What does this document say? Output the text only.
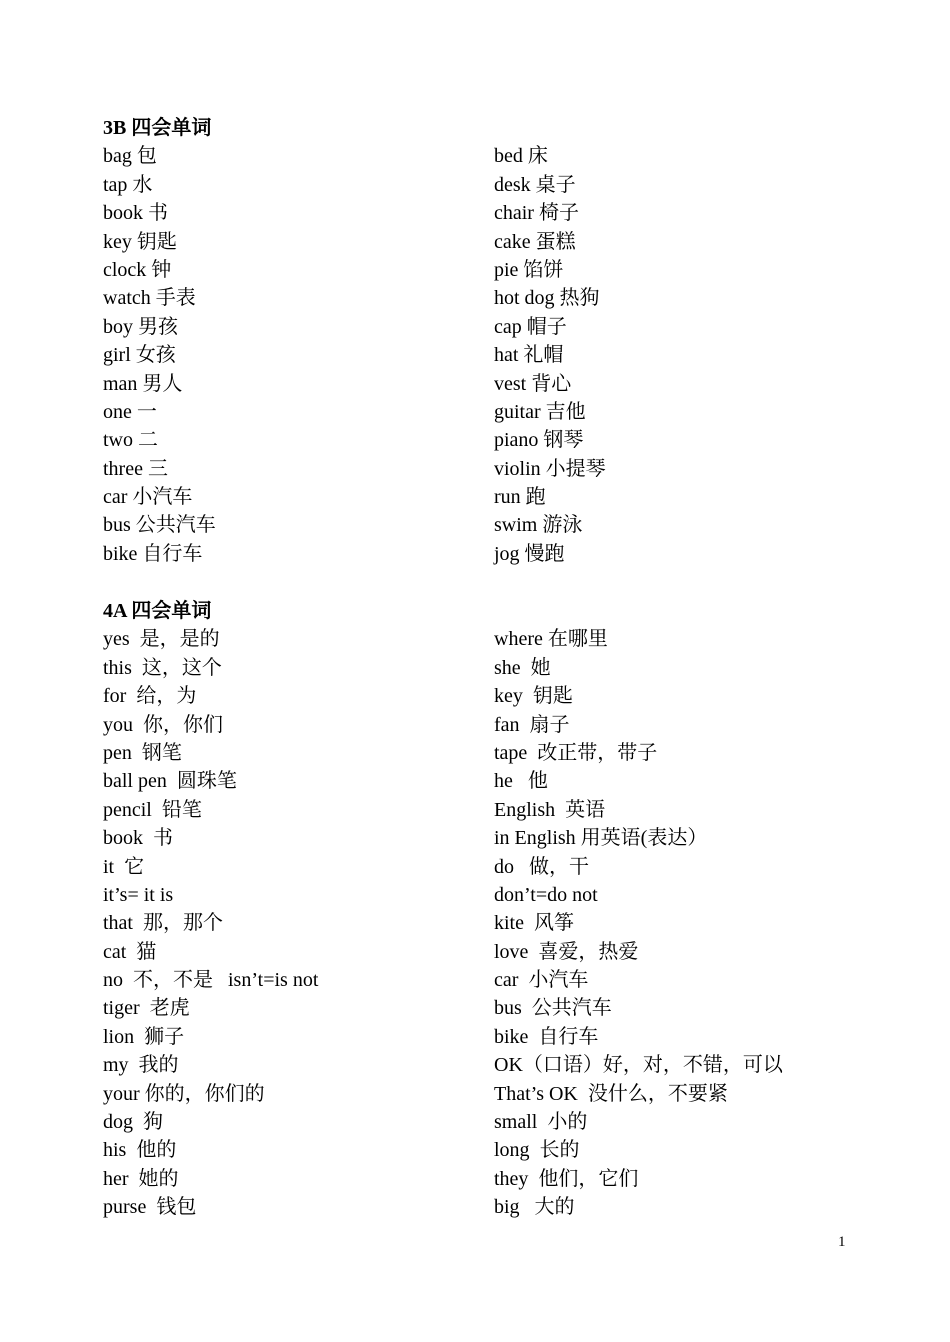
3B 四会单词
bag 包
tap 水
book 书
key 钥匙
clock 钟
watch 手表
boy 男孩
girl 女孩
man 男人
one 一
two 二
three 三
car 小汽车
bus 公共汽车
bike 自行车
bed 床
desk 桌子
chair 椅子
cake 蛋糕
pie 馅饼
hot dog 热狗
cap 帽子
hat 礼帽
vest 背心
guitar 吉他
piano 钢琴
violin 小提琴
run 跑
swim 游泳
jog 慢跑
4A 四会单词
yes  是，是的
this  这，这个
for  给，为
you  你，你们
pen  钢笔
ball pen  圆珠笔
pencil  铅笔
book  书
it  它
it’s= it is
that  那，那个
cat  猫
no  不，不是   isn’t=is not
tiger  老虎
lion  狮子
my  我的
your 你的，你们的
dog  狗
his  他的
her  她的
purse  钱包
where 在哪里
she  她
key  钥匙
fan  扇子
tape  改正带，带子
he   他
English  英语
in English 用英语(表达）
do   做，干
don’t=do not
kite  风筝
love  喜爱，热爱
car  小汽车
bus  公共汽车
bike  自行车
OK（口语）好，对，不错，可以
That’s OK  没什么，不要紧
small  小的
long  长的
they  他们，它们
big   大的
1
